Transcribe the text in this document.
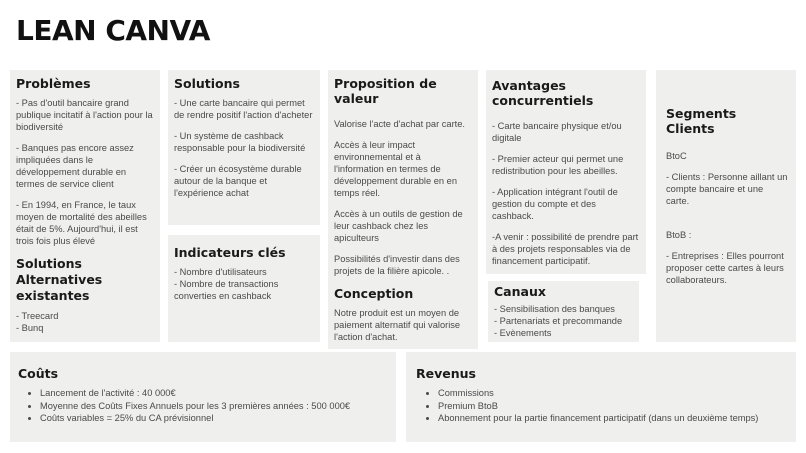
LEAN CANVA
Problèmes
- Pas d'outil bancaire grand publique incitatif à l'action pour la biodiversité
- Banques pas encore assez impliquées dans le développement durable en termes de service client
- En 1994, en France, le taux moyen de mortalité des abeilles était de 5%. Aujourd'hui, il est trois fois plus élevé
Solutions Alternatives existantes
- Treecard
- Bunq
Solutions
- Une carte bancaire qui permet de rendre positif l'action d'acheter
- Un système de cashback responsable pour la biodiversité
- Créer un écosystème durable autour de la banque et l'expérience achat
Indicateurs clés
- Nombre d'utilisateurs
- Nombre de transactions converties en cashback
Proposition de valeur
Valorise l'acte d'achat par carte.
Accès à leur impact environnemental et à l'information en termes de développement durable en en temps réel.
Accès à un outils de gestion de leur cashback chez les apiculteurs
Possibilités d'investir dans des projets de la filière apicole. .
Conception
Notre produit est un moyen de paiement alternatif qui valorise l'action d'achat.
Avantages concurrentiels
- Carte bancaire physique et/ou digitale
- Premier acteur qui permet une redistribution pour les abeilles.
- Application intégrant l'outil de gestion du compte et des cashback.
-A venir : possibilité de prendre part à des projets responsables via de financement participatif.
Canaux
- Sensibilisation des banques
- Partenariats et precommande
- Evènements
Segments Clients
BtoC
- Clients : Personne aillant un compte bancaire et une carte.
BtoB :
- Entreprises : Elles pourront proposer cette cartes à leurs collaborateurs.
Coûts
• Lancement de l'activité : 40 000€
• Moyenne des Coûts Fixes Annuels pour les 3 premières années : 500 000€
• Coûts variables = 25% du CA prévisionnel
Revenus
• Commissions
• Premium BtoB
• Abonnement pour la partie financement participatif (dans un deuxième temps)
